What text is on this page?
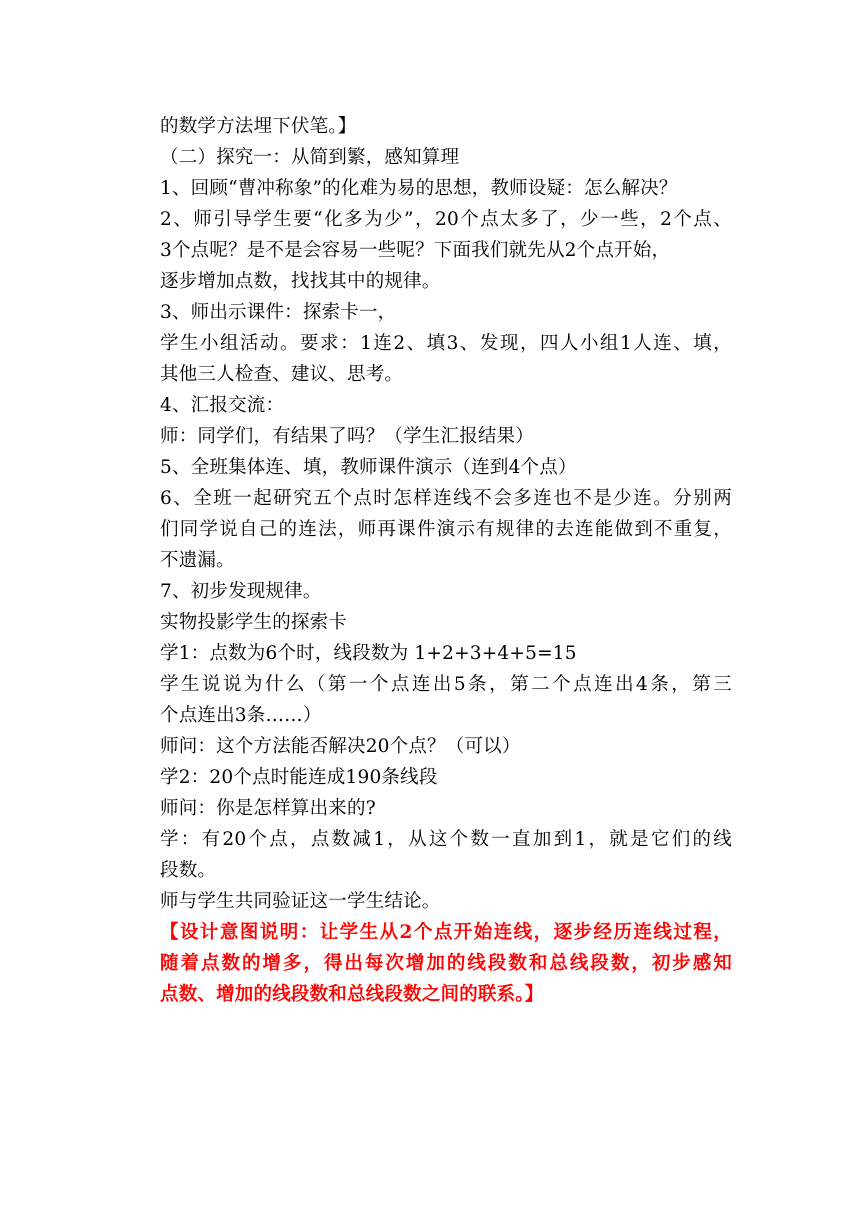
的数学方法埋下伏笔。】
（二）探究一：从简到繁，感知算理
1、回顾“曹冲称象”的化难为易的思想，教师设疑：怎么解决？
2、师引导学生要“化多为少”，20个点太多了，少一些，2个点、
3个点呢？是不是会容易一些呢？下面我们就先从2个点开始，
逐步增加点数，找找其中的规律。
3、师出示课件：探索卡一，
学生小组活动。要求：1连2、填3、发现，四人小组1人连、填，
其他三人检查、建议、思考。
4、汇报交流：
师：同学们，有结果了吗？（学生汇报结果）
5、全班集体连、填，教师课件演示（连到4个点）
6、全班一起研究五个点时怎样连线不会多连也不是少连。分别两
们同学说自己的连法，师再课件演示有规律的去连能做到不重复，
不遗漏。
7、初步发现规律。
实物投影学生的探索卡
学1：点数为6个时，线段数为 1+2+3+4+5=15
学生说说为什么（第一个点连出5条，第二个点连出4条，第三
个点连出3条……）
师问：这个方法能否解决20个点？（可以）
学2：20个点时能连成190条线段
师问：你是怎样算出来的?
学：有20个点，点数减1，从这个数一直加到1，就是它们的线
段数。
师与学生共同验证这一学生结论。
【设计意图说明：让学生从2个点开始连线，逐步经历连线过程，
随着点数的增多，得出每次增加的线段数和总线段数，初步感知
点数、增加的线段数和总线段数之间的联系。】
